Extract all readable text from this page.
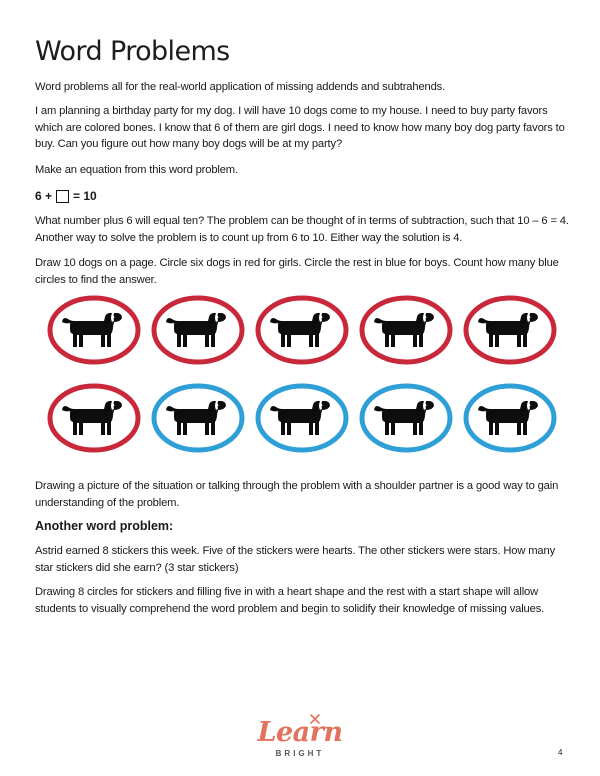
Word Problems

Word problems all for the real-world application of missing addends and subtrahends.

I am planning a birthday party for my dog. I will have 10 dogs come to my house. I need to buy party favors which are colored bones. I know that 6 of them are girl dogs. I need to know how many boy dog party favors to buy. Can you figure out how many boy dogs will be at my party?

Make an equation from this word problem.

6 + = 10

What number plus 6 will equal ten? The problem can be thought of in terms of subtraction, such that 10 – 6 = 4. Another way to solve the problem is to count up from 6 to 10. Either way the solution is 4.

Draw 10 dogs on a page. Circle six dogs in red for girls. Circle the rest in blue for boys. Count how many blue circles to find the answer.

Drawing a picture of the situation or talking through the problem with a shoulder partner is a good way to gain understanding of the problem.

Another word problem:

Astrid earned 8 stickers this week. Five of the stickers were hearts. The other stickers were stars. How many star stickers did she earn? (3 star stickers)

Drawing 8 circles for stickers and filling five in with a heart shape and the rest with a start shape will allow students to visually comprehend the word problem and begin to solidify their knowledge of missing values.

Learn
BRIGHT	4
